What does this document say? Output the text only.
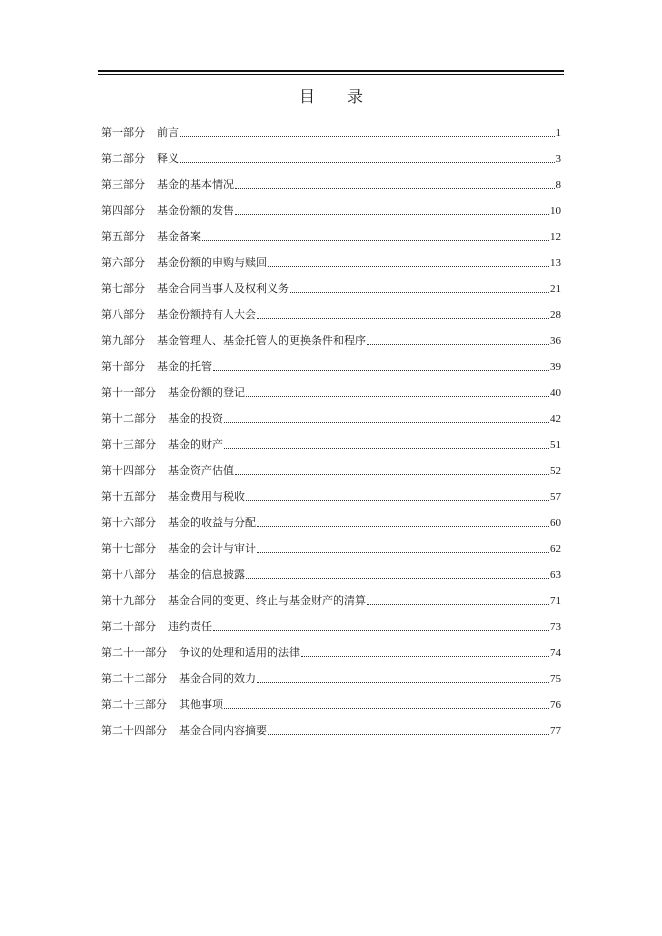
目　　录
第一部分 前言	1
第二部分 释义	3
第三部分 基金的基本情况	8
第四部分 基金份额的发售	10
第五部分 基金备案	12
第六部分 基金份额的申购与赎回	13
第七部分 基金合同当事人及权利义务	21
第八部分 基金份额持有人大会	28
第九部分 基金管理人、基金托管人的更换条件和程序	36
第十部分 基金的托管	39
第十一部分 基金份额的登记	40
第十二部分 基金的投资	42
第十三部分 基金的财产	51
第十四部分 基金资产估值	52
第十五部分 基金费用与税收	57
第十六部分 基金的收益与分配	60
第十七部分 基金的会计与审计	62
第十八部分 基金的信息披露	63
第十九部分 基金合同的变更、终止与基金财产的清算	71
第二十部分 违约责任	73
第二十一部分 争议的处理和适用的法律	74
第二十二部分 基金合同的效力	75
第二十三部分 其他事项	76
第二十四部分 基金合同内容摘要	77
